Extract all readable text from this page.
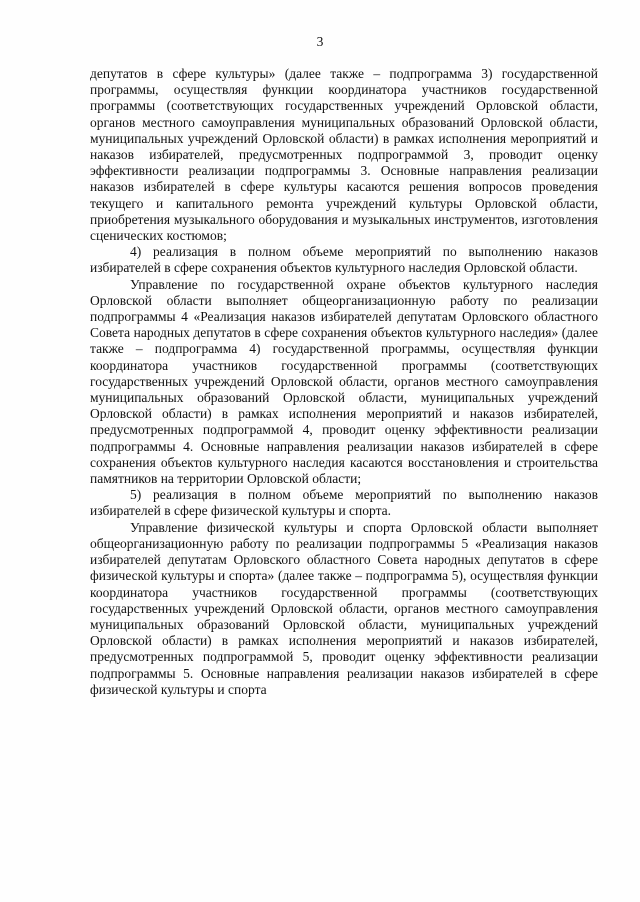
3

депутатов в сфере культуры» (далее также – подпрограмма 3) государственной программы, осуществляя функции координатора участников государственной программы (соответствующих государственных учреждений Орловской области, органов местного самоуправления муниципальных образований Орловской области, муниципальных учреждений Орловской области) в рамках исполнения мероприятий и наказов избирателей, предусмотренных подпрограммой 3, проводит оценку эффективности реализации подпрограммы 3. Основные направления реализации наказов избирателей в сфере культуры касаются решения вопросов проведения текущего и капитального ремонта учреждений культуры Орловской области, приобретения музыкального оборудования и музыкальных инструментов, изготовления сценических костюмов;

4) реализация в полном объеме мероприятий по выполнению наказов избирателей в сфере сохранения объектов культурного наследия Орловской области.

Управление по государственной охране объектов культурного наследия Орловской области выполняет общеорганизационную работу по реализации подпрограммы 4 «Реализация наказов избирателей депутатам Орловского областного Совета народных депутатов в сфере сохранения объектов культурного наследия» (далее также – подпрограмма 4) государственной программы, осуществляя функции координатора участников государственной программы (соответствующих государственных учреждений Орловской области, органов местного самоуправления муниципальных образований Орловской области, муниципальных учреждений Орловской области) в рамках исполнения мероприятий и наказов избирателей, предусмотренных подпрограммой 4, проводит оценку эффективности реализации подпрограммы 4. Основные направления реализации наказов избирателей в сфере сохранения объектов культурного наследия касаются восстановления и строительства памятников на территории Орловской области;

5) реализация в полном объеме мероприятий по выполнению наказов избирателей в сфере физической культуры и спорта.

Управление физической культуры и спорта Орловской области выполняет общеорганизационную работу по реализации подпрограммы 5 «Реализация наказов избирателей депутатам Орловского областного Совета народных депутатов в сфере физической культуры и спорта» (далее также – подпрограмма 5), осуществляя функции координатора участников государственной программы (соответствующих государственных учреждений Орловской области, органов местного самоуправления муниципальных образований Орловской области, муниципальных учреждений Орловской области) в рамках исполнения мероприятий и наказов избирателей, предусмотренных подпрограммой 5, проводит оценку эффективности реализации подпрограммы 5. Основные направления реализации наказов избирателей в сфере физической культуры и спорта
